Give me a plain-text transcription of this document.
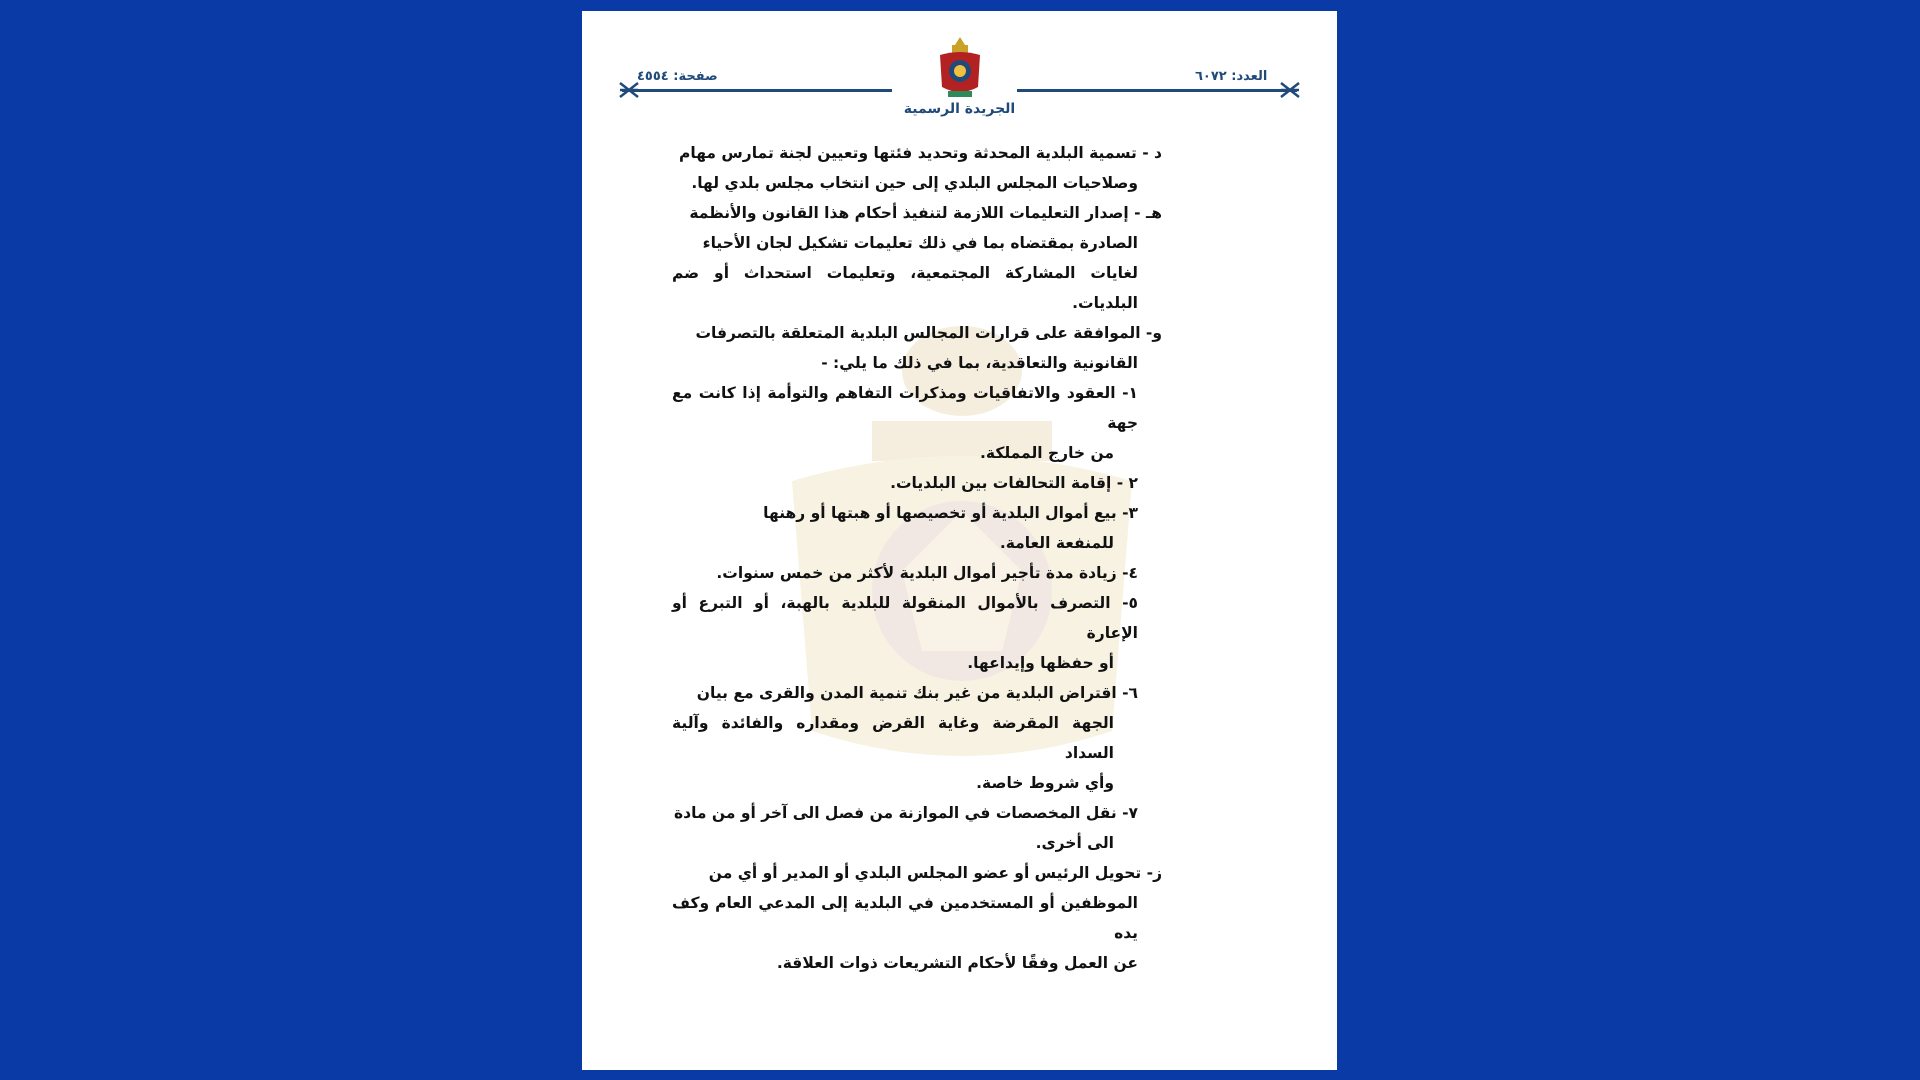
صفحة: ٤٥٥٤	العدد: ٦٠٧٢
الجريدة الرسمية

د - تسمية البلدية المحدثة وتحديد فئتها وتعيين لجنة تمارس مهام
وصلاحيات المجلس البلدي إلى حين انتخاب مجلس بلدي لها.

هـ - إصدار التعليمات اللازمة لتنفيذ أحكام هذا القانون والأنظمة
الصادرة بمقتضاه بما في ذلك تعليمات تشكيل لجان الأحياء
لغايات المشاركة المجتمعية، وتعليمات استحداث أو ضم البلديات.

و- الموافقة على قرارات المجالس البلدية المتعلقة بالتصرفات
القانونية والتعاقدية، بما في ذلك ما يلي: -

١- العقود والاتفاقيات ومذكرات التفاهم والتوأمة إذا كانت مع جهة
من خارج المملكة.

٢ - إقامة التحالفات بين البلديات.

٣- بيع أموال البلدية أو تخصيصها أو هبتها أو رهنها
للمنفعة العامة.

٤- زيادة مدة تأجير أموال البلدية لأكثر من خمس سنوات.

٥- التصرف بالأموال المنقولة للبلدية بالهبة، أو التبرع أو الإعارة
أو حفظها وإيداعها.

٦- اقتراض البلدية من غير بنك تنمية المدن والقرى مع بيان
الجهة المقرضة وغاية القرض ومقداره والفائدة وآلية السداد
وأي شروط خاصة.

٧- نقل المخصصات في الموازنة من فصل الى آخر أو من مادة
الى أخرى.

ز- تحويل الرئيس أو عضو المجلس البلدي أو المدير أو أي من
الموظفين أو المستخدمين في البلدية إلى المدعي العام وكف يده
عن العمل وفقًا لأحكام التشريعات ذوات العلاقة.
